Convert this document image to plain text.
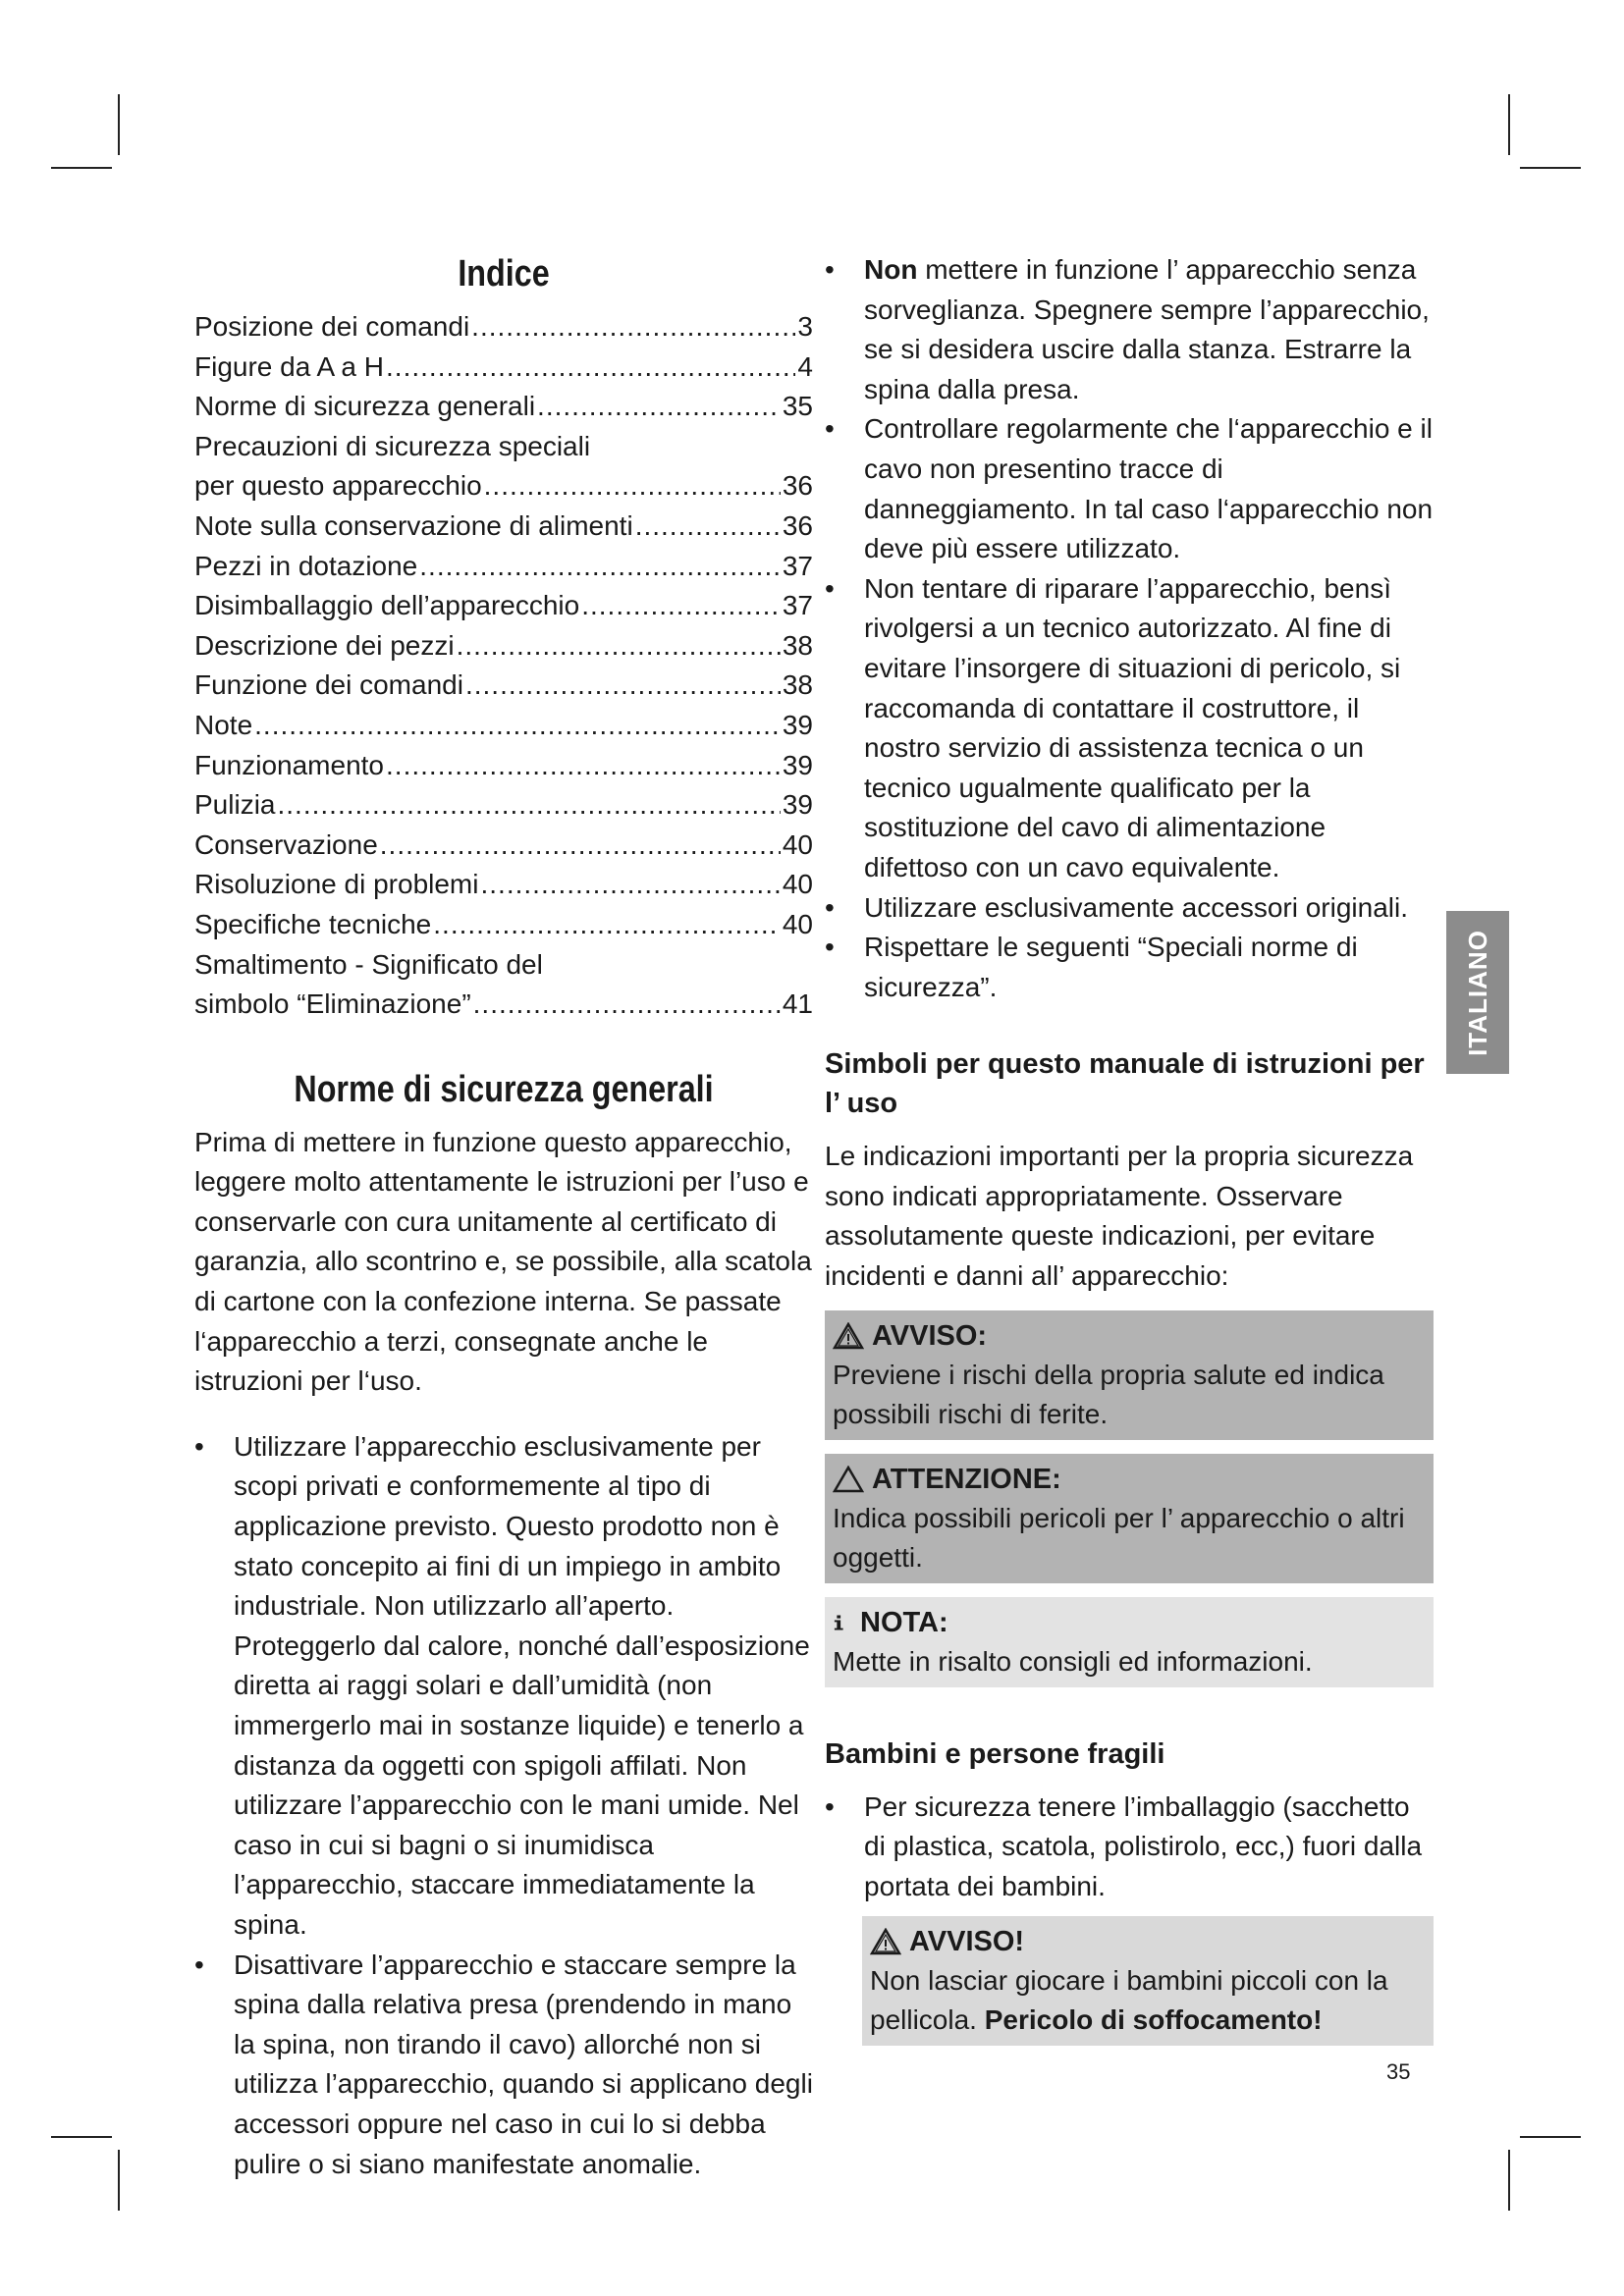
Indice
Posizione dei comandi .....	3
Figure da A a H .....	4
Norme di sicurezza generali .....	35
Precauzioni di sicurezza speciali
per questo apparecchio .....	36
Note sulla conservazione di alimenti .....	36
Pezzi in dotazione .....	37
Disimballaggio dell’apparecchio .....	37
Descrizione dei pezzi .....	38
Funzione dei comandi .....	38
Note .....	39
Funzionamento .....	39
Pulizia .....	39
Conservazione .....	40
Risoluzione di problemi .....	40
Specifiche tecniche .....	40
Smaltimento - Significato del
simbolo “Eliminazione” .....	41
Norme di sicurezza generali

Prima di mettere in funzione questo apparecchio, leggere molto attentamente le istruzioni per l’uso e conservarle con cura unitamente al certificato di garanzia, allo scontrino e, se possibile, alla scatola di cartone con la confezione interna. Se passate l‘apparecchio a terzi, consegnate anche le istruzioni per l‘uso.

• Utilizzare l’apparecchio esclusivamente per scopi privati e conformemente al tipo di applicazione previsto. Questo prodotto non è stato concepito ai fini di un impiego in ambito industriale. Non utilizzarlo all’aperto. Proteggerlo dal calore, nonché dall’esposizione diretta ai raggi solari e dall’umidità (non immergerlo mai in sostanze liquide) e tenerlo a distanza da oggetti con spigoli affilati. Non utilizzare l’apparecchio con le mani umide. Nel caso in cui si bagni o si inumidisca l’apparecchio, staccare immediatamente la spina.
• Disattivare l’apparecchio e staccare sempre la spina dalla relativa presa (prendendo in mano la spina, non tirando il cavo) allorché non si utilizza l’apparecchio, quando si applicano degli accessori oppure nel caso in cui lo si debba pulire o si siano manifestate anomalie.
• Non mettere in funzione l’ apparecchio senza sorveglianza. Spegnere sempre l’apparecchio, se si desidera uscire dalla stanza. Estrarre la spina dalla presa.
• Controllare regolarmente che l‘apparecchio e il cavo non presentino tracce di danneggiamento. In tal caso l‘apparecchio non deve più essere utilizzato.
• Non tentare di riparare l’apparecchio, bensì rivolgersi a un tecnico autorizzato. Al fine di evitare l’insorgere di situazioni di pericolo, si raccomanda di contattare il costruttore, il nostro servizio di assistenza tecnica o un tecnico ugualmente qualificato per la sostituzione del cavo di alimentazione difettoso con un cavo equivalente.
• Utilizzare esclusivamente accessori originali.
• Rispettare le seguenti “Speciali norme di sicurezza”.
Simboli per questo manuale di istruzioni per l’ uso

Le indicazioni importanti per la propria sicurezza sono indicati appropriatamente. Osservare assolutamente queste indicazioni, per evitare incidenti e danni all’ apparecchio:

AVVISO:
Previene i rischi della propria salute ed indica possibili rischi di ferite.
ATTENZIONE:
Indica possibili pericoli per l’ apparecchio o altri oggetti.
NOTA:
Mette in risalto consigli ed informazioni.
Bambini e persone fragili
• Per sicurezza tenere l’imballaggio (sacchetto di plastica, scatola, polistirolo, ecc,) fuori dalla portata dei bambini.
AVVISO!
Non lasciar giocare i bambini piccoli con la pellicola. Pericolo di soffocamento!
ITALIANO
35
